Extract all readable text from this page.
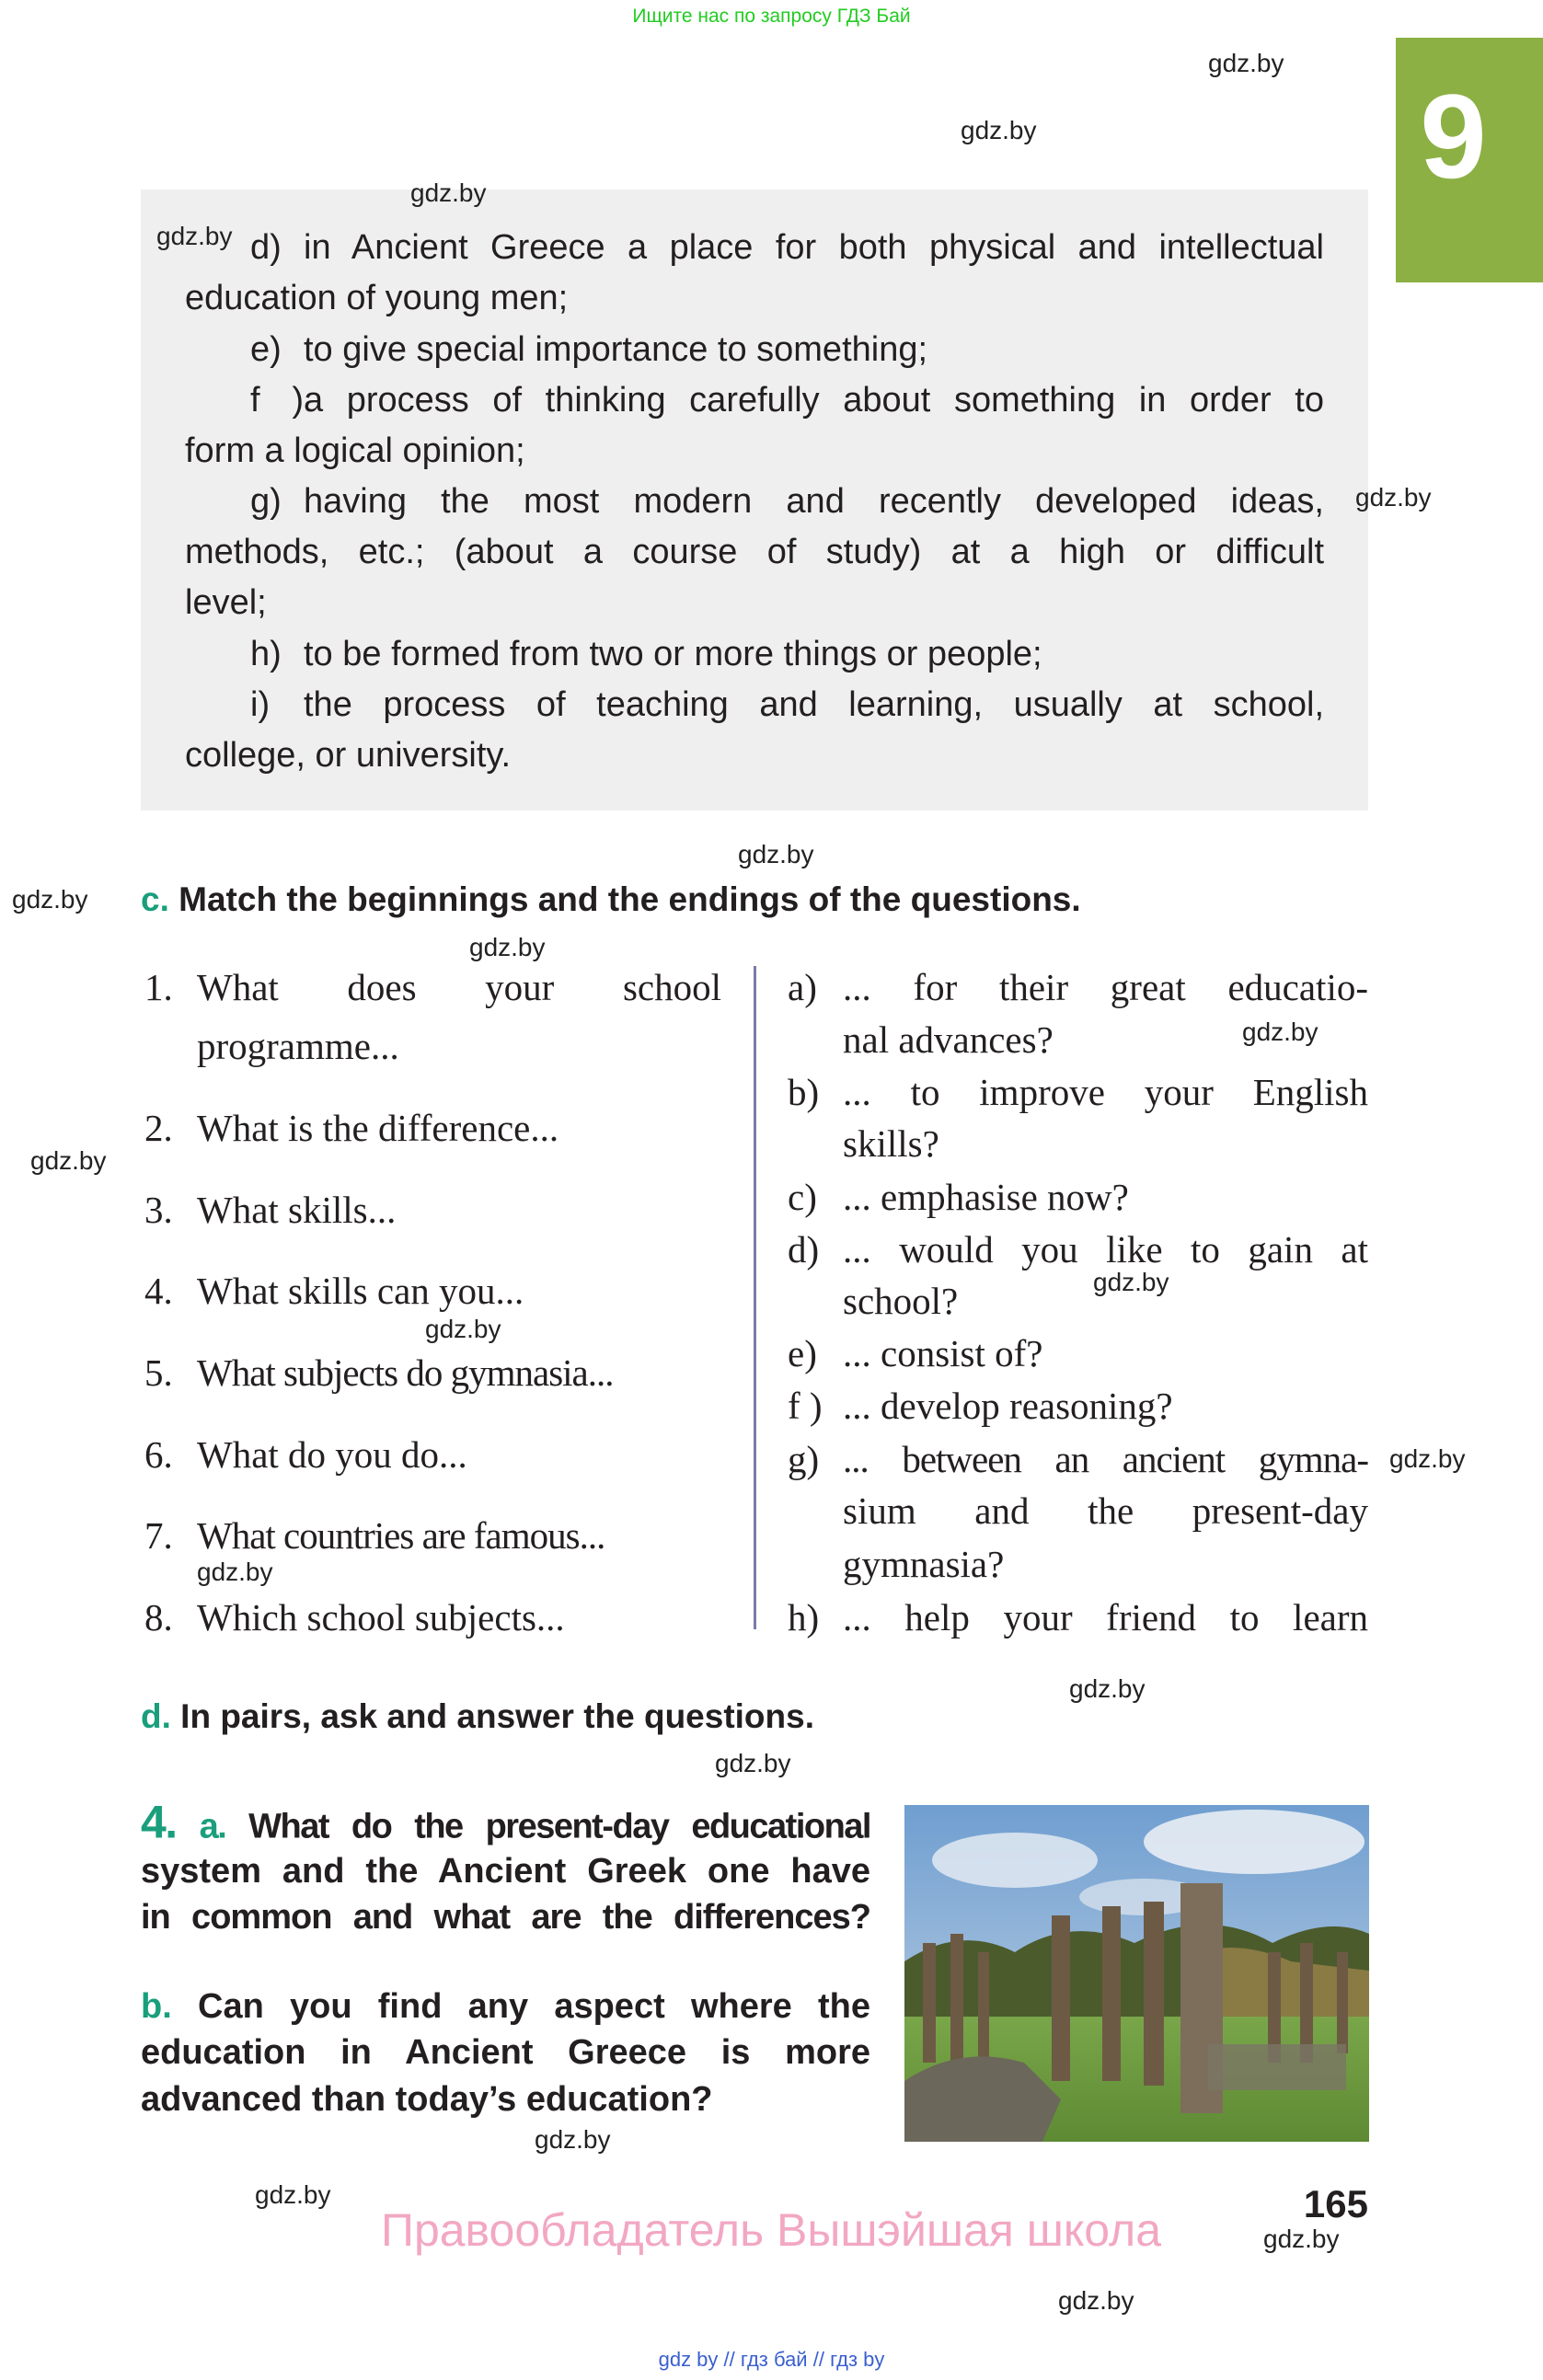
Ищите нас по запросу ГДЗ Бай
9
d) in Ancient Greece a place for both physical and intellectual
education of young men;
e) to give special importance to something;
f )a process of thinking carefully about something in order to
form a logical opinion;
g) having the most modern and recently developed ideas,
methods, etc.; (about a course of study) at a high or difficult
level;
h) to be formed from two or more things or people;
i) the process of teaching and learning, usually at school,
college, or university.
c. Match the beginnings and the endings of the questions.
1. What does your school
programme...
2. What is the difference...
3. What skills...
4. What skills can you...
5. What subjects do gymnasia...
6. What do you do...
7. What countries are famous...
8. Which school subjects...
a) ... for their great educatio-
nal advances?
b) ... to improve your English
skills?
c) ... emphasise now?
d) ... would you like to gain at
school?
e) ... consist of?
f ) ... develop reasoning?
g) ... between an ancient gymna-
sium and the present-day
gymnasia?
h) ... help your friend to learn
d. In pairs, ask and answer the questions.
4. a. What do the present-day educational
system and the Ancient Greek one have
in common and what are the differences?
b. Can you find any aspect where the
education in Ancient Greece is more
advanced than today’s education?
Правообладатель Вышэйшая школа
165
gdz by // гдз бай // гдз by
gdz.by
gdz.by
gdz.by
gdz.by
gdz.by
gdz.by
gdz.by
gdz.by
gdz.by
gdz.by
gdz.by
gdz.by
gdz.by
gdz.by
gdz.by
gdz.by
gdz.by
gdz.by
gdz.by
gdz.by
